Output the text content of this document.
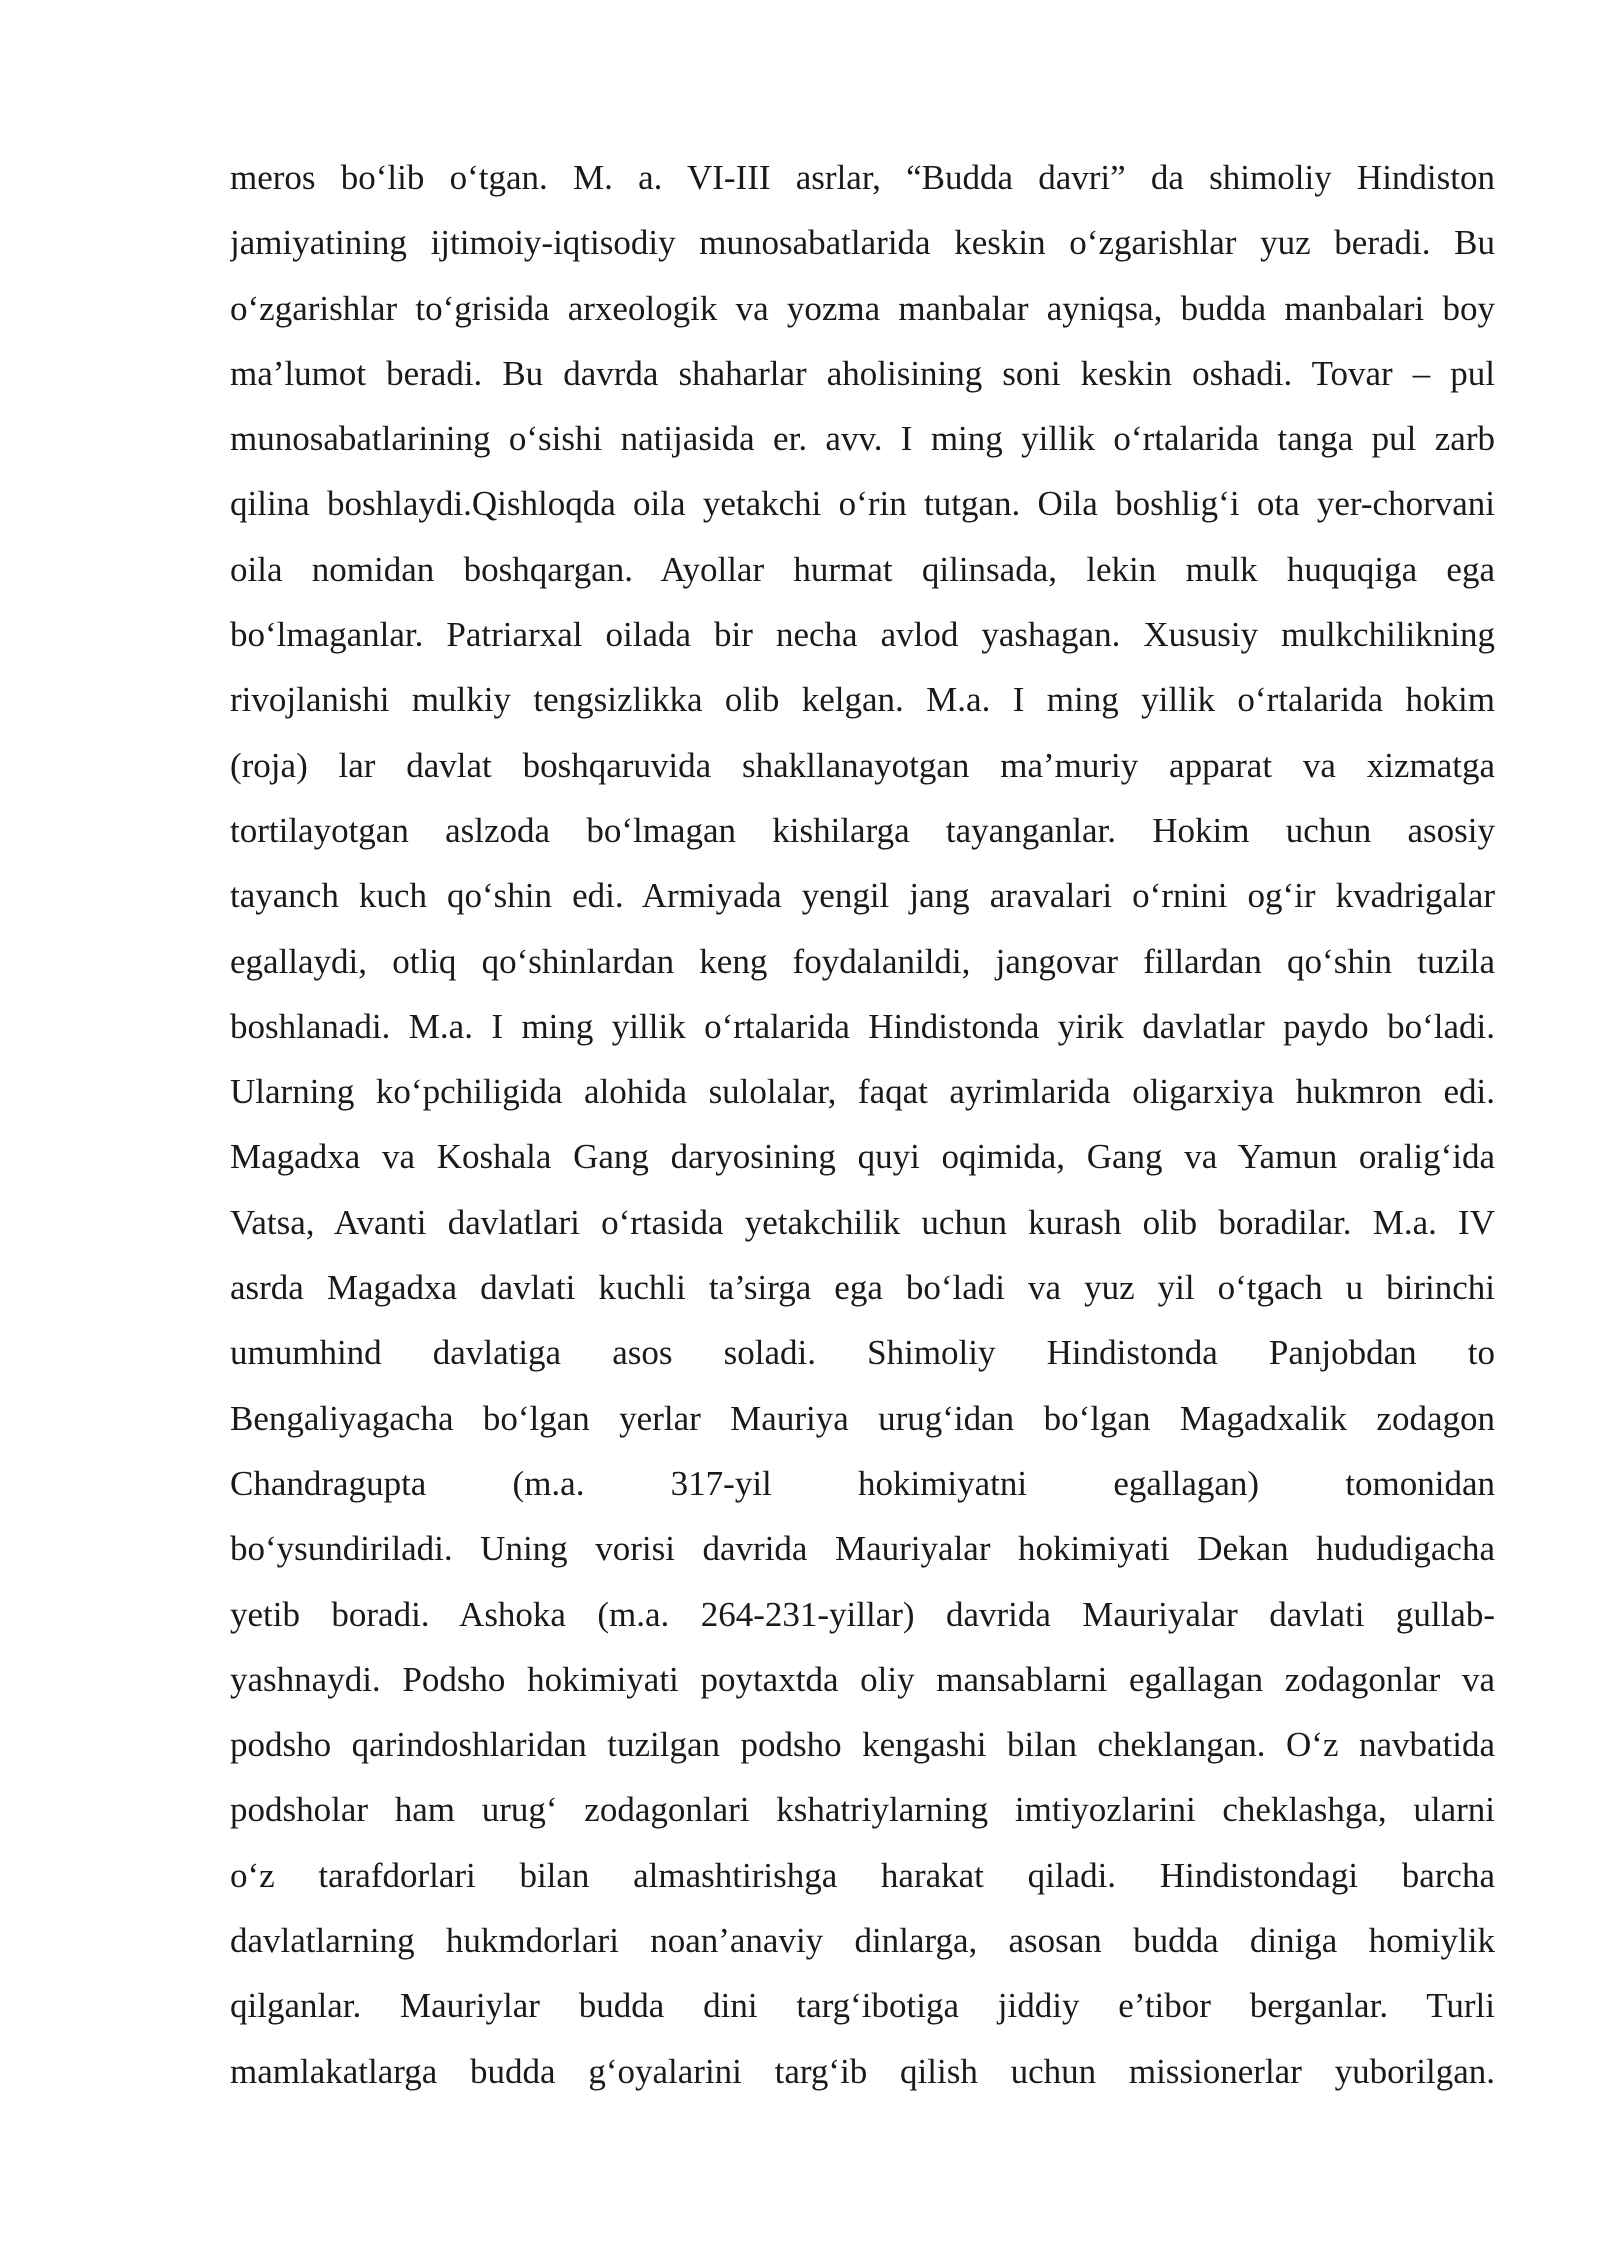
meros bo‘lib o‘tgan. M. a. VI-III asrlar, “Budda davri” da shimoliy Hindiston
jamiyatining ijtimoiy-iqtisodiy munosabatlarida keskin o‘zgarishlar yuz beradi. Bu
o‘zgarishlar to‘grisida arxeologik va yozma manbalar ayniqsa, budda manbalari boy
ma’lumot beradi. Bu davrda shaharlar aholisining soni keskin oshadi. Tovar – pul
munosabatlarining o‘sishi natijasida er. avv. I ming yillik o‘rtalarida tanga pul zarb
qilina boshlaydi.Qishloqda oila yetakchi o‘rin tutgan. Oila boshlig‘i ota yer-chorvani
oila nomidan boshqargan. Ayollar hurmat qilinsada, lekin mulk huquqiga ega
bo‘lmaganlar. Patriarxal oilada bir necha avlod yashagan. Xususiy mulkchilikning
rivojlanishi mulkiy tengsizlikka olib kelgan. M.a. I ming yillik o‘rtalarida hokim
(roja) lar davlat boshqaruvida shakllanayotgan ma’muriy apparat va xizmatga
tortilayotgan aslzoda bo‘lmagan kishilarga tayanganlar. Hokim uchun asosiy
tayanch kuch qo‘shin edi. Armiyada yengil jang aravalari o‘rnini og‘ir kvadrigalar
egallaydi, otliq qo‘shinlardan keng foydalanildi, jangovar fillardan qo‘shin tuzila
boshlanadi. M.a. I ming yillik o‘rtalarida Hindistonda yirik davlatlar paydo bo‘ladi.
Ularning ko‘pchiligida alohida sulolalar, faqat ayrimlarida oligarxiya hukmron edi.
Magadxa va Koshala Gang daryosining quyi oqimida, Gang va Yamun oralig‘ida
Vatsa, Avanti davlatlari o‘rtasida yetakchilik uchun kurash olib boradilar. M.a. IV
asrda Magadxa davlati kuchli ta’sirga ega bo‘ladi va yuz yil o‘tgach u birinchi
umumhind davlatiga asos soladi. Shimoliy Hindistonda Panjobdan to
Bengaliyagacha bo‘lgan yerlar Mauriya urug‘idan bo‘lgan Magadxalik zodagon
Chandragupta (m.a. 317-yil hokimiyatni egallagan) tomonidan
bo‘ysundiriladi. Uning vorisi davrida Mauriyalar hokimiyati Dekan hududigacha
yetib boradi. Ashoka (m.a. 264-231-yillar) davrida Mauriyalar davlati gullab-
yashnaydi. Podsho hokimiyati poytaxtda oliy mansablarni egallagan zodagonlar va
podsho qarindoshlaridan tuzilgan podsho kengashi bilan cheklangan. O‘z navbatida
podsholar ham urug‘ zodagonlari kshatriylarning imtiyozlarini cheklashga, ularni
o‘z tarafdorlari bilan almashtirishga harakat qiladi. Hindistondagi barcha
davlatlarning hukmdorlari noan’anaviy dinlarga, asosan budda diniga homiylik
qilganlar. Mauriylar budda dini targ‘ibotiga jiddiy e’tibor berganlar. Turli
mamlakatlarga budda g‘oyalarini targ‘ib qilish uchun missionerlar yuborilgan.
